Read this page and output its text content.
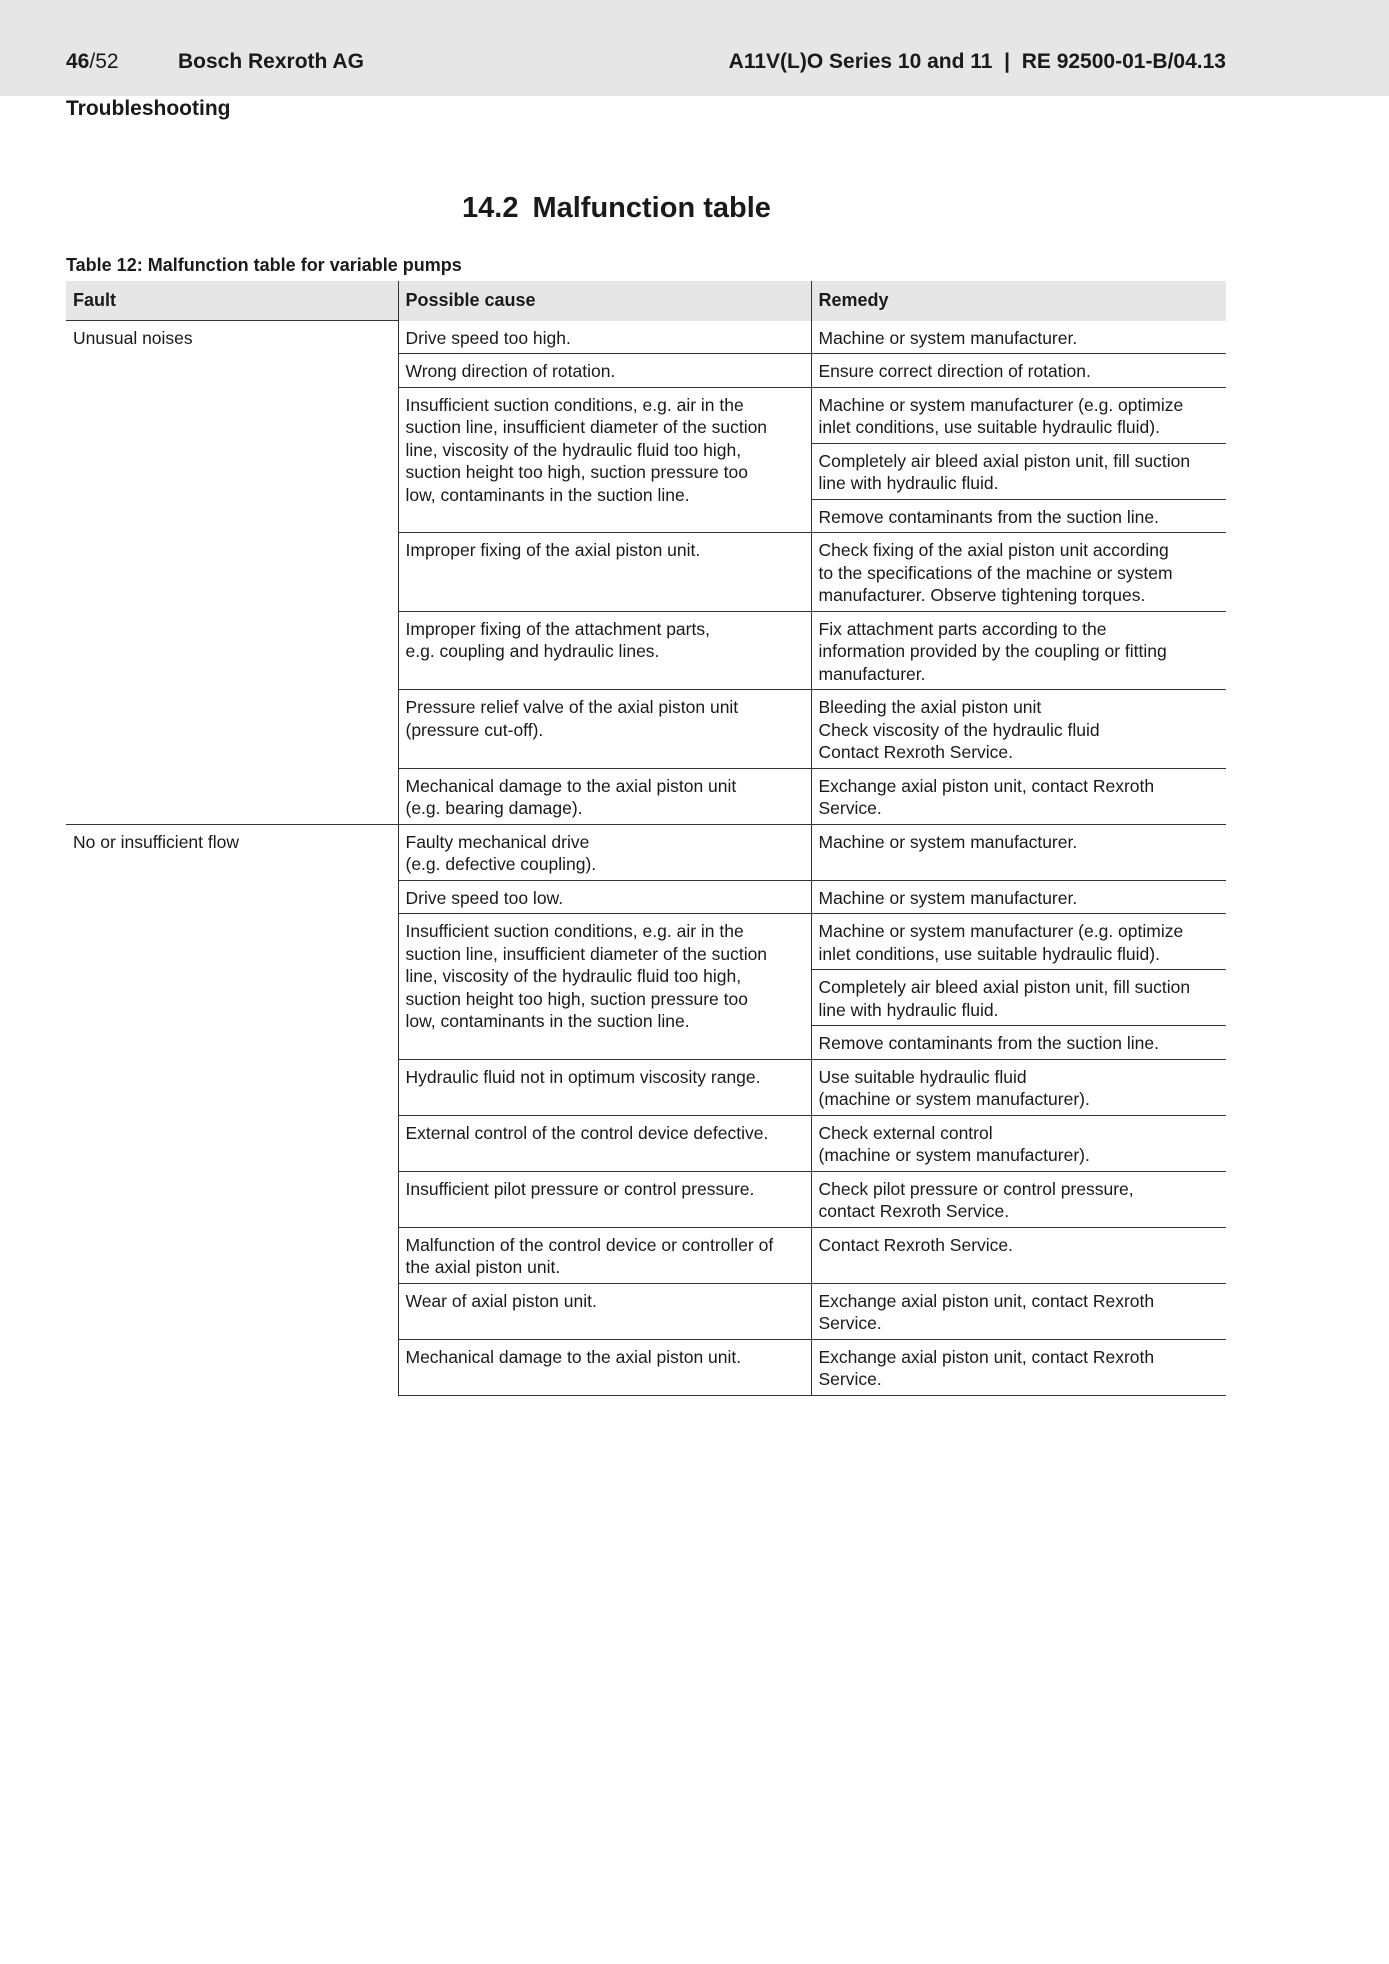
46/52	Bosch Rexroth AG	A11V(L)O Series 10 and 11  |  RE 92500-01-B/04.13
Troubleshooting
14.2 Malfunction table
Table 12: Malfunction table for variable pumps
Fault	Possible cause	Remedy
Unusual noises	Drive speed too high.	Machine or system manufacturer.

	Wrong direction of rotation.	Ensure correct direction of rotation.

	Insufficient suction conditions, e.g. air in the
suction line, insufficient diameter of the suction
line, viscosity of the hydraulic fluid too high,
suction height too high, suction pressure too
low, contaminants in the suction line.	Machine or system manufacturer (e.g. optimize
inlet conditions, use suitable hydraulic fluid).

		Completely air bleed axial piston unit, fill suction
line with hydraulic fluid.

		Remove contaminants from the suction line.

	Improper fixing of the axial piston unit.	Check fixing of the axial piston unit according
to the specifications of the machine or system
manufacturer. Observe tightening torques.

	Improper fixing of the attachment parts,
e.g. coupling and hydraulic lines.	Fix attachment parts according to the
information provided by the coupling or fitting
manufacturer.

	Pressure relief valve of the axial piston unit
(pressure cut-off).	Bleeding the axial piston unit
Check viscosity of the hydraulic fluid
Contact Rexroth Service.

	Mechanical damage to the axial piston unit
(e.g. bearing damage).	Exchange axial piston unit, contact Rexroth
Service.

No or insufficient flow	Faulty mechanical drive
(e.g. defective coupling).	Machine or system manufacturer.

	Drive speed too low.	Machine or system manufacturer.

	Insufficient suction conditions, e.g. air in the
suction line, insufficient diameter of the suction
line, viscosity of the hydraulic fluid too high,
suction height too high, suction pressure too
low, contaminants in the suction line.	Machine or system manufacturer (e.g. optimize
inlet conditions, use suitable hydraulic fluid).

		Completely air bleed axial piston unit, fill suction
line with hydraulic fluid.

		Remove contaminants from the suction line.

	Hydraulic fluid not in optimum viscosity range.	Use suitable hydraulic fluid
(machine or system manufacturer).

	External control of the control device defective.	Check external control
(machine or system manufacturer).

	Insufficient pilot pressure or control pressure.	Check pilot pressure or control pressure,
contact Rexroth Service.

	Malfunction of the control device or controller of
the axial piston unit.	Contact Rexroth Service.

	Wear of axial piston unit.	Exchange axial piston unit, contact Rexroth
Service.

	Mechanical damage to the axial piston unit.	Exchange axial piston unit, contact Rexroth
Service.
